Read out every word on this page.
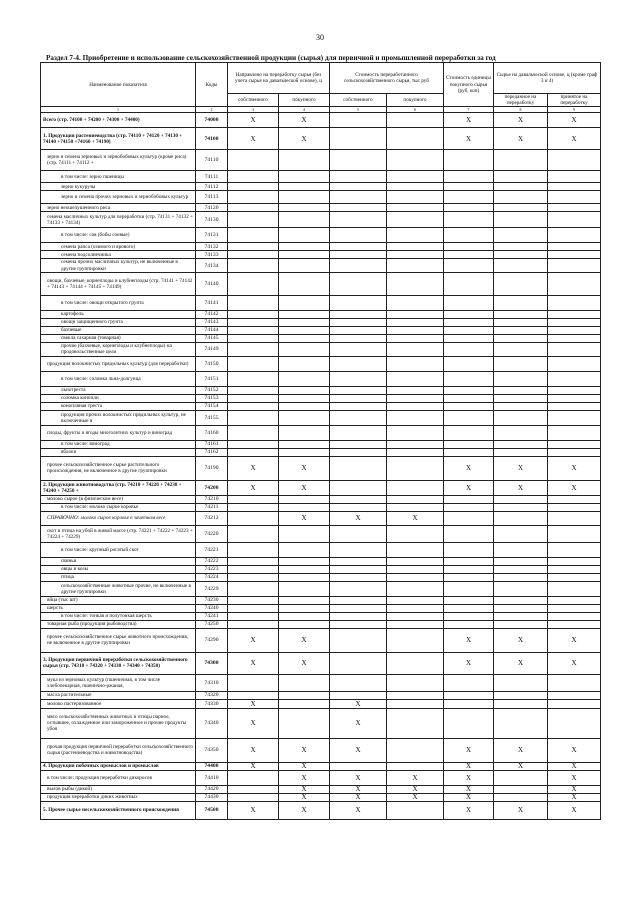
30
Раздел 7-4. Приобретение и использование сельскохозяйственной продукции (сырья) для первичной и промышленной переработки за год
Наименование показателя	Коды	Направлено на переработку сырья (без учета сырья на давальческой основе), ц		Стоимость переработанного сельскохозяйственного сырья, тыс руб		Стоимость единицы покупного сырья (руб, коп)	Сырье на давальческой основе, ц (кроме граф 3 и 4)	
		собственного	покупного	собственного	покупного		переданное на переработку	принятое на переработку
1	2	3	4	5	6	7	8	9
Всего (стр. 74100 + 74200 + 74300 + 74400)	74000	X	X			X	X	X
1. Продукция растениеводства (стр. 74110 + 74120 + 74130 + 74140 +74150 +74160 + 74190)	74100	X	X			X	X	X
зерно и семена зерновых и зернобобовых культур (кроме риса) (стр. 74111 + 74112 +	74110							
в том числе: зерно пшеницы	74111							
зерно кукурузы	74112							
зерно и семена прочих зерновых и зернобобовых культур	74113							
зерно неошелушенного риса	74120							
семена масличных культур для переработки (стр. 74131 + 74132 + 74133 + 74134)	74130							
в том числе: соя (бобы соевые)	74131							
семена рапса (озимого и ярового)	74132							
семена подсолнечника	74133							
семена прочих масличных культур, не включенные в другие группировки	74134							
овощи, бахчевые, корнеплоды и клубнеплоды (стр. 74141 + 74142 + 74143 + 74144 + 74145 + 74149)	74140							
в том числе: овощи открытого грунта	74141							
картофель	74142							
овощи защищенного грунта	74143							
бахчевые	74144							
свекла сахарная (товарная)	74145							
прочие (бахчевые, корнеплоды и клубнеплоды) на продовольственные цели	74149							
продукция волокнистых прядильных культур (для переработки)	74150							
в том числе: соломка льна-долгунца	74151							
льнотреста	74152							
соломка конопли	74153							
конопляная треста	74154							
продукция прочих волокнистых прядильных культур, не включенные в	74155							
плоды, фрукты и ягоды многолетних культур и виноград	74160							
в том числе: виноград	74161							
яблоки	74162							
прочее сельскохозяйственное сырье растительного происхождения, не включенное в другие группировки	74190	X	X			X	X	X
2. Продукция животноводства (стр. 74210 + 74220 + 74230 + 74240 + 74250 +	74200	X	X			X	X	X
молоко сырое (в физическом весе)	74210							
в том числе: молоко сырое коровье	74211							
СПРАВОЧНО: молоко сырое коровье в зачетном весе	74212		X	X	X			
скот и птица на убой в живой массе (стр. 74221 + 74222 + 74223 + 74224 + 74229)	74220							
в том числе: крупный рогатый скот	74221							
свиньи	74222							
овцы и козы	74223							
птица	74224							
сельскохозяйственные животные прочие, не включенные в другие группировки	74229							
яйца (тыс шт)	74230							
шерсть	74240							
в том числе: тонкая и полутонкая шерсть	74241							
товарная рыба (продукция рыбоводства)	74250							
прочее сельскохозяйственное сырье животного происхождения, не включенное в другие группировки	74290	X	X			X	X	X
3. Продукция первичной переработки сельскохозяйственного сырья (стр. 74310 + 74320 + 74330 + 74340 + 74350)	74300	X	X			X	X	X
мука из зерновых культур (пшеничная, в том числе хлебопекарная, пшенично-ржаная,	74310							
масла растительные	74320							
молоко пастеризованное	74330	X		X				
мясо сельскохозяйственных животных и птицы парное, остывшее, охлажденное или замороженное и прочие продукты убоя	74340	X		X				
прочая продукция первичной переработки сельскохозяйственного сырья (растениеводства и животноводства)	74350	X	X	X		X	X	X
4. Продукция побочных промыслов и промыслов	74400	X	X			X	X	X
в том числе: продукция переработки дикоросов	74410		X	X	X	X		X
вылов рыбы (дикой)	74420		X	X	X	X		X
продукция переработки диких животных	74430		X	X	X	X		X
5. Прочее сырье несельскохозяйственного происхождения	74500	X	X	X		X	X	X
